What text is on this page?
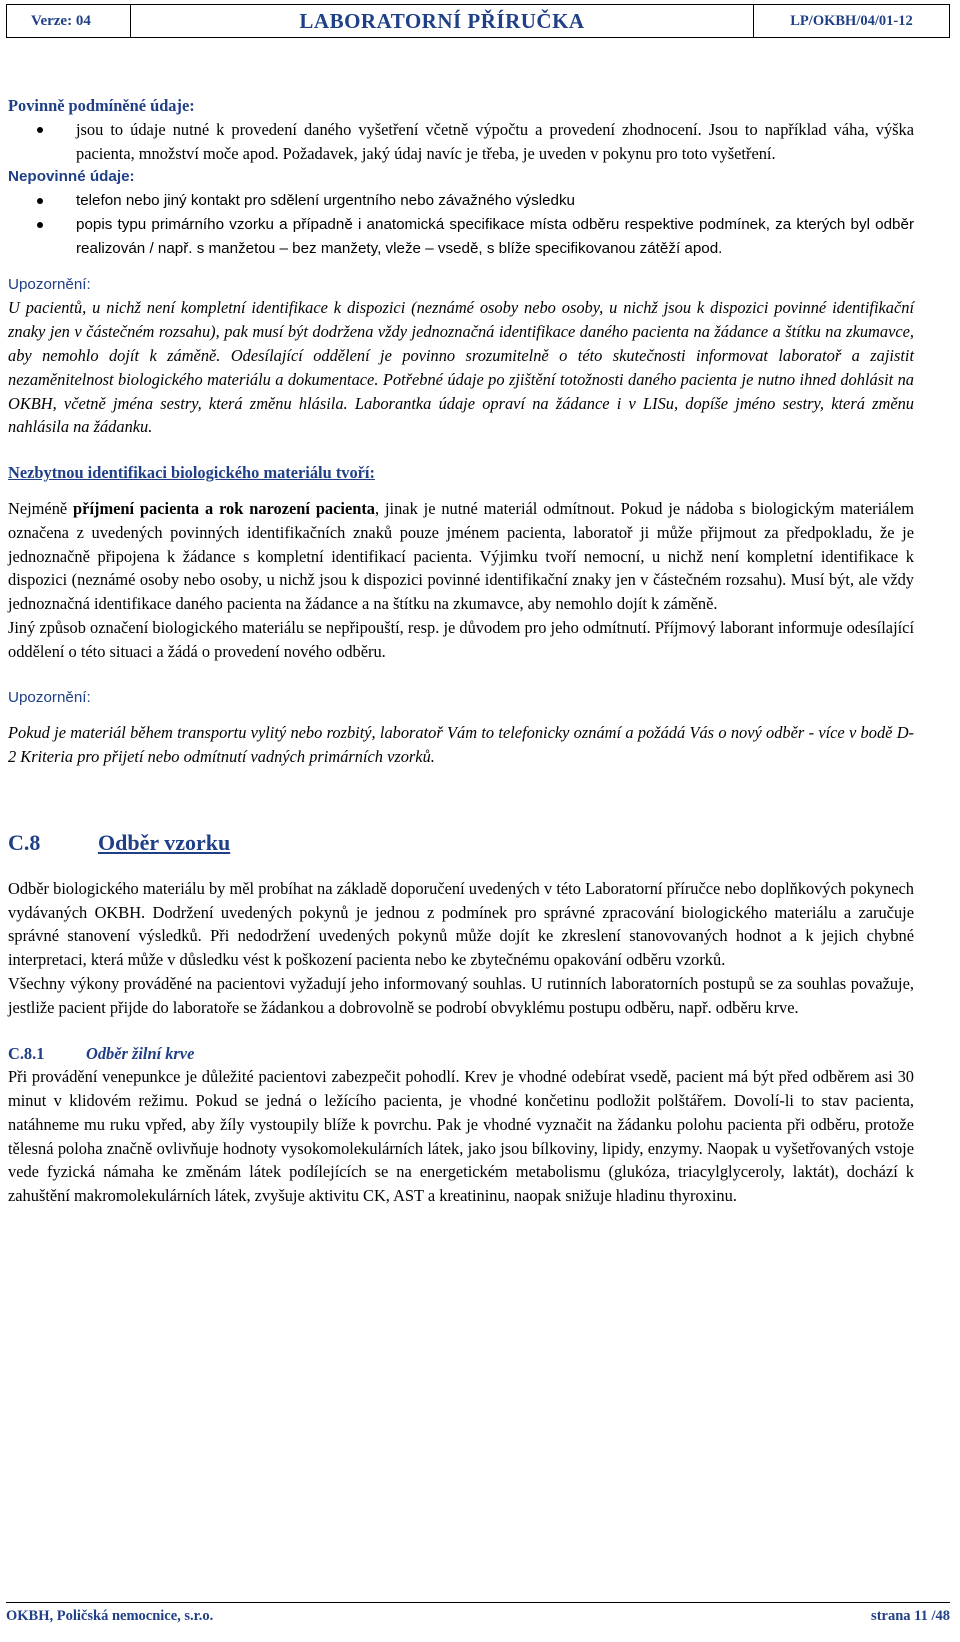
Verze: 04	LABORATORNÍ PŘÍRUČKA	LP/OKBH/04/01-12

Povinně podmíněné údaje:

jsou to údaje nutné k provedení daného vyšetření včetně výpočtu a provedení zhodnocení. Jsou to například váha, výška pacienta, množství moče apod. Požadavek, jaký údaj navíc je třeba, je uveden v pokynu pro toto vyšetření.

Nepovinné údaje:

telefon nebo jiný kontakt pro sdělení urgentního nebo závažného výsledku

popis typu primárního vzorku a případně i anatomická specifikace místa odběru respektive podmínek, za kterých byl odběr realizován / např. s manžetou – bez manžety, vleže – vsedě, s blíže specifikovanou zátěží apod.

Upozornění:

U pacientů, u nichž není kompletní identifikace k dispozici (neznámé osoby nebo osoby, u nichž jsou k dispozici povinné identifikační znaky jen v částečném rozsahu), pak musí být dodržena vždy jednoznačná identifikace daného pacienta na žádance a štítku na zkumavce, aby nemohlo dojít k záměně. Odesílající oddělení je povinno srozumitelně o této skutečnosti informovat laboratoř a zajistit nezaměnitelnost biologického materiálu a dokumentace. Potřebné údaje po zjištění totožnosti daného pacienta je nutno ihned dohlásit na OKBH, včetně jména sestry, která změnu hlásila. Laborantka údaje opraví na žádance i v LISu, dopíše jméno sestry, která změnu nahlásila na žádanku.

Nezbytnou identifikaci biologického materiálu tvoří:

Nejméně příjmení pacienta a rok narození pacienta, jinak je nutné materiál odmítnout. Pokud je nádoba s biologickým materiálem označena z uvedených povinných identifikačních znaků pouze jménem pacienta, laboratoř ji může přijmout za předpokladu, že je jednoznačně připojena k žádance s kompletní identifikací pacienta. Výjimku tvoří nemocní, u nichž není kompletní identifikace k dispozici (neznámé osoby nebo osoby, u nichž jsou k dispozici povinné identifikační znaky jen v částečném rozsahu). Musí být, ale vždy jednoznačná identifikace daného pacienta na žádance a na štítku na zkumavce, aby nemohlo dojít k záměně.

Jiný způsob označení biologického materiálu se nepřipouští, resp. je důvodem pro jeho odmítnutí. Příjmový laborant informuje odesílající oddělení o této situaci a žádá o provedení nového odběru.

Upozornění:

Pokud je materiál během transportu vylitý nebo rozbitý, laboratoř Vám to telefonicky oznámí a požádá Vás o nový odběr - více v bodě D-2 Kriteria pro přijetí nebo odmítnutí vadných primárních vzorků.

C.8	Odběr vzorku

Odběr biologického materiálu by měl probíhat na základě doporučení uvedených v této Laboratorní příručce nebo doplňkových pokynech vydávaných OKBH. Dodržení uvedených pokynů je jednou z podmínek pro správné zpracování biologického materiálu a zaručuje správné stanovení výsledků. Při nedodržení uvedených pokynů může dojít ke zkreslení stanovovaných hodnot a k jejich chybné interpretaci, která může v důsledku vést k poškození pacienta nebo ke zbytečnému opakování odběru vzorků.

Všechny výkony prováděné na pacientovi vyžadují jeho informovaný souhlas. U rutinních laboratorních postupů se za souhlas považuje, jestliže pacient přijde do laboratoře se žádankou a dobrovolně se podrobí obvyklému postupu odběru, např. odběru krve.

C.8.1	Odběr žilní krve

Při provádění venepunkce je důležité pacientovi zabezpečit pohodlí. Krev je vhodné odebírat vsedě, pacient má být před odběrem asi 30 minut v klidovém režimu. Pokud se jedná o ležícího pacienta, je vhodné končetinu podložit polštářem. Dovolí-li to stav pacienta, natáhneme mu ruku vpřed, aby žíly vystoupily blíže k povrchu. Pak je vhodné vyznačit na žádanku polohu pacienta při odběru, protože tělesná poloha značně ovlivňuje hodnoty vysokomolekulárních látek, jako jsou bílkoviny, lipidy, enzymy. Naopak u vyšetřovaných vstoje vede fyzická námaha ke změnám látek podílejících se na energetickém metabolismu (glukóza, triacylglyceroly, laktát), dochází k zahuštění makromolekulárních látek, zvyšuje aktivitu CK, AST a kreatininu, naopak snižuje hladinu thyroxinu.

OKBH, Poličská nemocnice, s.r.o.	strana 11 /48
